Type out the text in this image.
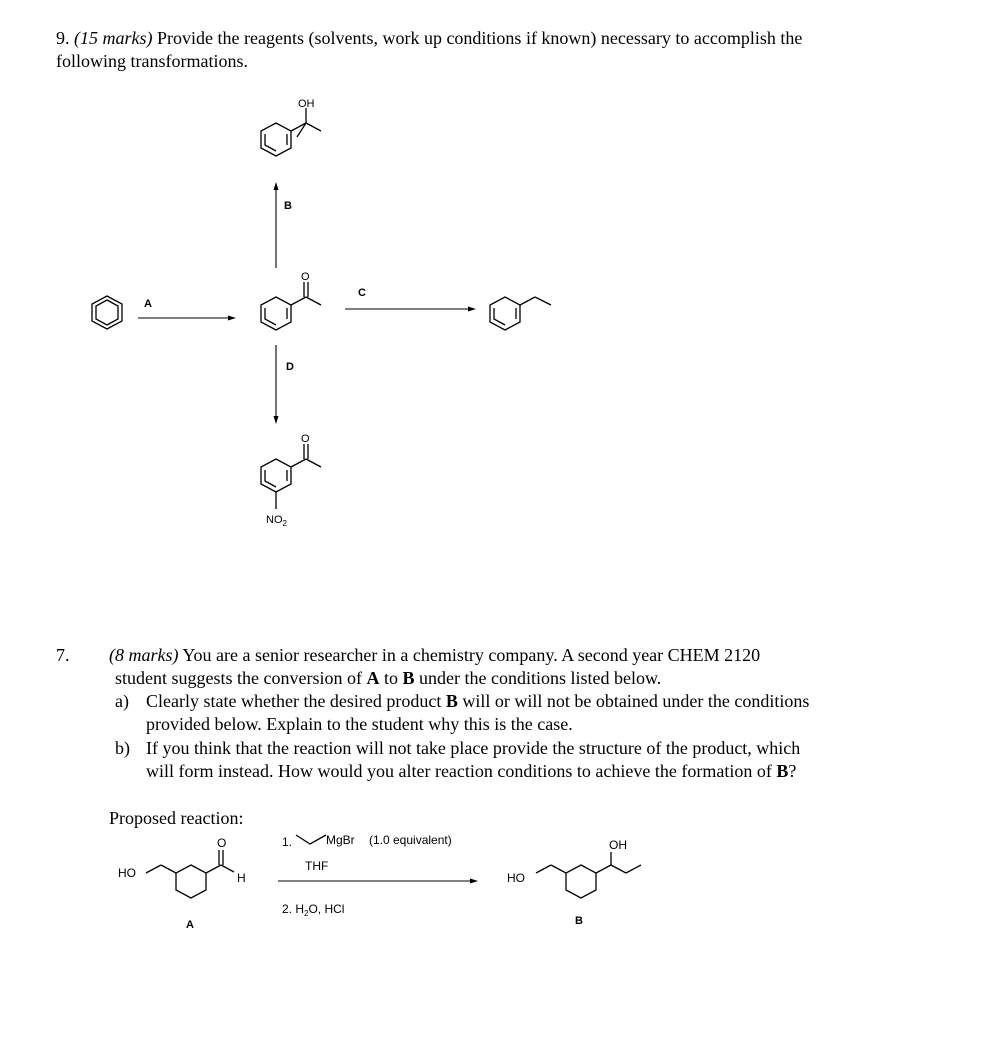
9. (15 marks) Provide the reagents (solvents, work up conditions if known) necessary to accomplish the
following transformations.
OH
B
A
O
C
D
O
$NO_2$
7. (8 marks) You are a senior researcher in a chemistry company. A second year CHEM 2120
student suggests the conversion of A to B under the conditions listed below.
a) Clearly state whether the desired product B will or will not be obtained under the conditions
provided below. Explain to the student why this is the case.
b) If you think that the reaction will not take place provide the structure of the product, which
will form instead. How would you alter reaction conditions to achieve the formation of B?
Proposed reaction:
HO
O
H
A
1.	MgBr (1.0 equivalent)
THF
2. $H_2O$, HCl
HO
OH
B
